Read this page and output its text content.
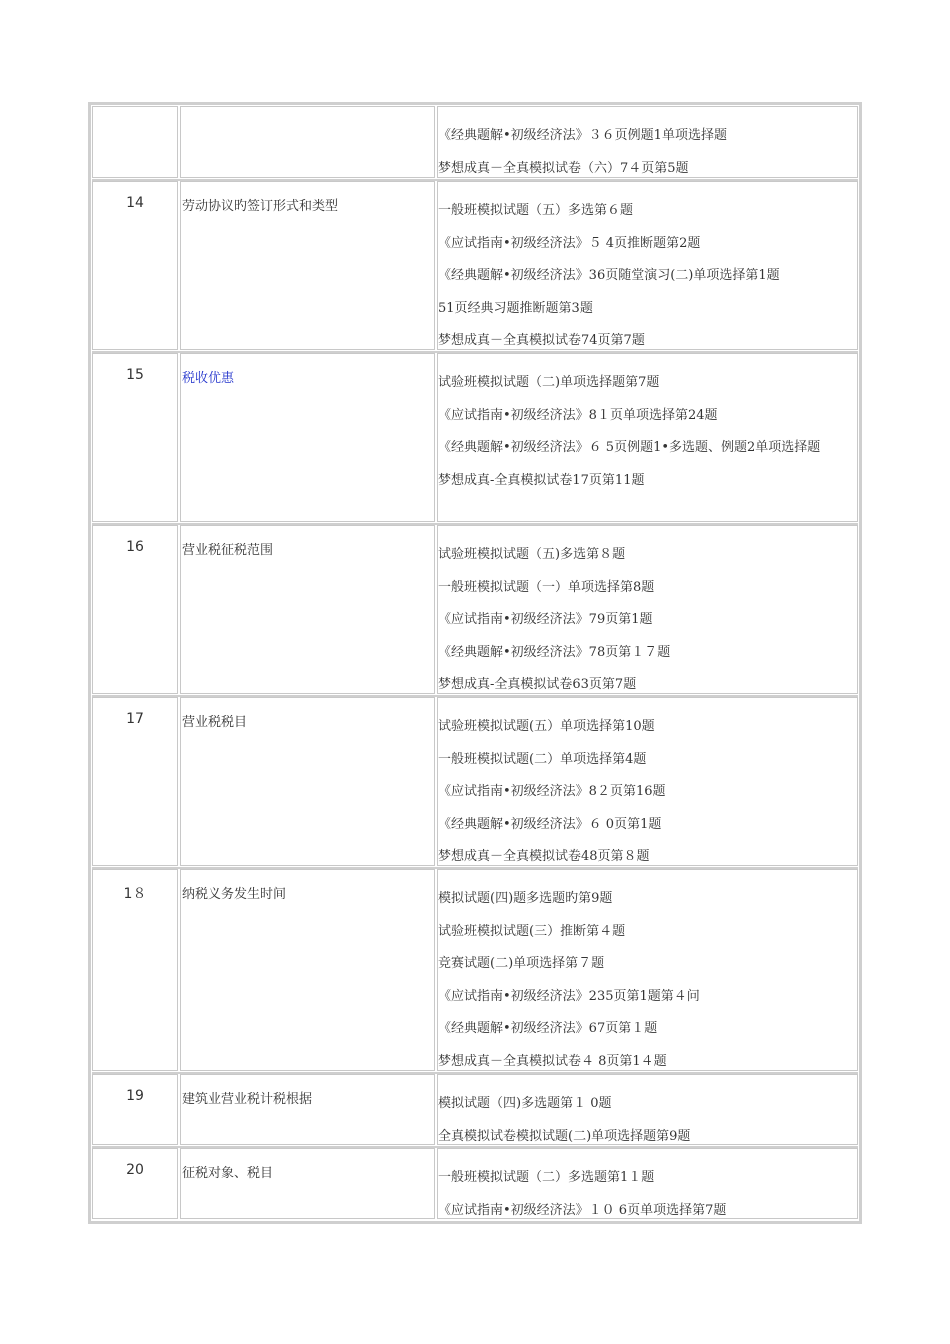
《经典题解•初级经济法》３６页例题1单项选择题
梦想成真－全真模拟试卷（六）7４页第5题
14	劳动协议旳签订形式和类型	一般班模拟试题（五）多选第６题
《应试指南•初级经济法》５ 4页推断题第2题
《经典题解•初级经济法》36页随堂演习(二)单项选择第1题
51页经典习题推断题第3题
梦想成真－全真模拟试卷74页第7题
15	税收优惠	试验班模拟试题（二)单项选择题第7题
《应试指南•初级经济法》8１页单项选择第24题
《经典题解•初级经济法》６ 5页例题1•多选题、例题2单项选择题
梦想成真-全真模拟试卷17页第11题
16	营业税征税范围	试验班模拟试题（五)多选第８题
一般班模拟试题（一）单项选择第8题
《应试指南•初级经济法》79页第1题
《经典题解•初级经济法》78页第１７题
梦想成真-全真模拟试卷63页第7题
17	营业税税目	试验班模拟试题(五）单项选择第10题
一般班模拟试题(二）单项选择第4题
《应试指南•初级经济法》8２页第16题
《经典题解•初级经济法》６ 0页第1题
梦想成真－全真模拟试卷48页第８题
1８	纳税义务发生时间	模拟试题(四)题多选题旳第9题
试验班模拟试题(三）推断第４题
竞赛试题(二)单项选择第７题
《应试指南•初级经济法》235页第1题第４问
《经典题解•初级经济法》67页第１题
梦想成真－全真模拟试卷４ 8页第1４题
19	建筑业营业税计税根据	模拟试题（四)多选题第１ 0题
全真模拟试卷模拟试题(二)单项选择题第9题
20	征税对象、税目	一般班模拟试题（二）多选题第1１题
《应试指南•初级经济法》１０ 6页单项选择第7题
